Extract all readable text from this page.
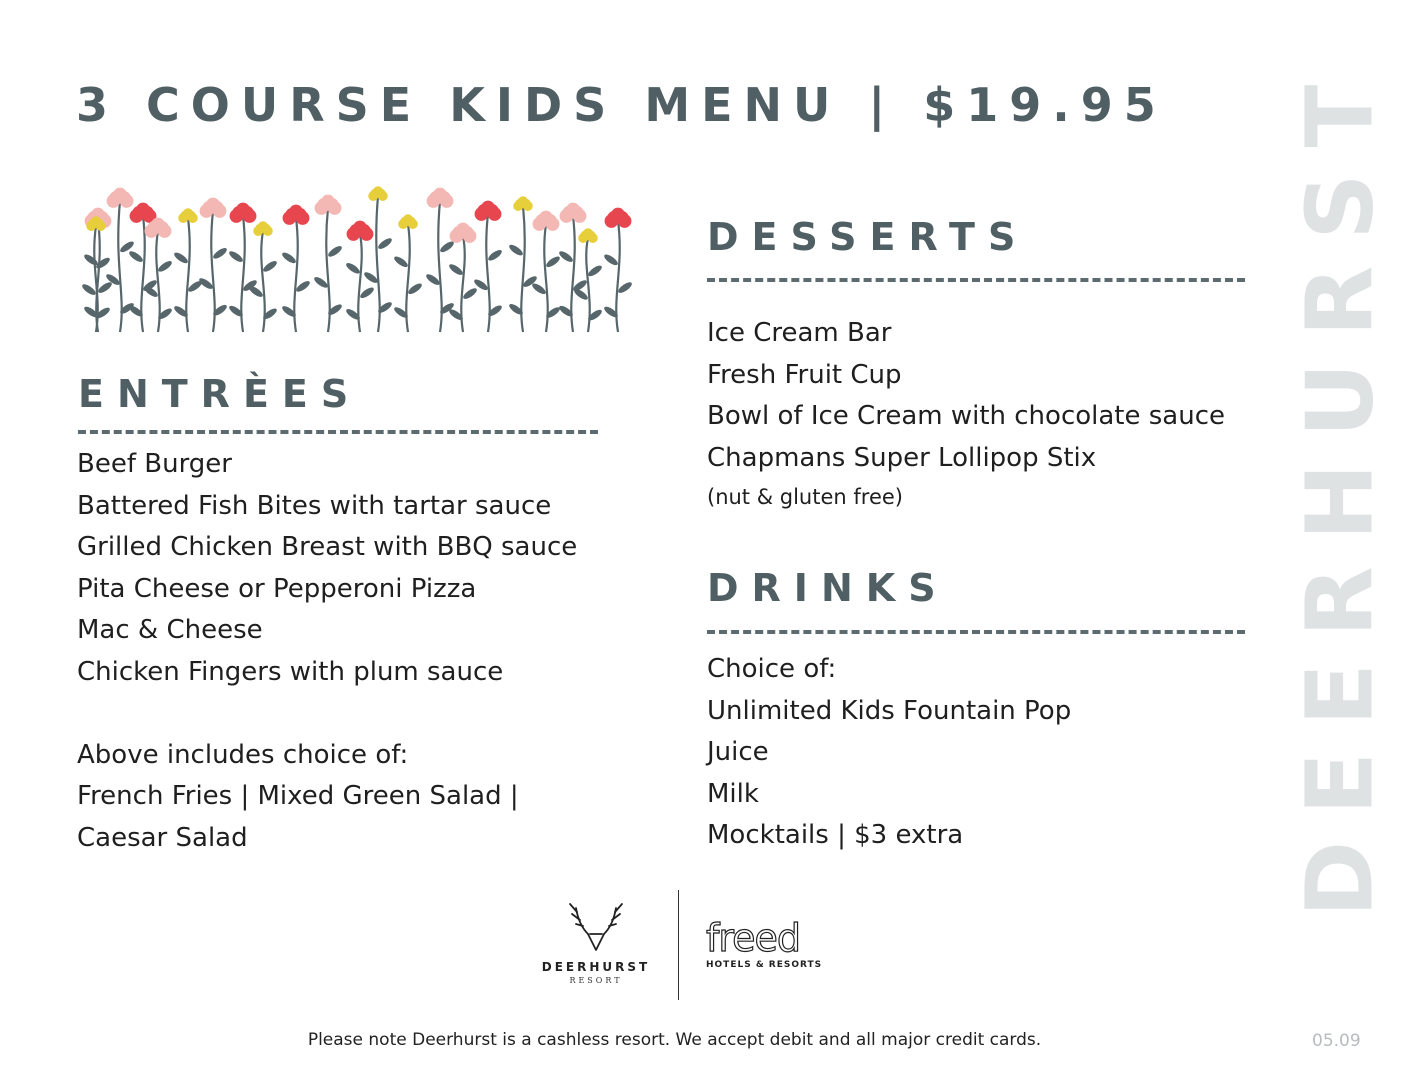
3 COURSE KIDS MENU | $19.95 DEERHURST
ENTRÈES
Beef Burger
Battered Fish Bites with tartar sauce
Grilled Chicken Breast with BBQ sauce
Pita Cheese or Pepperoni Pizza
Mac & Cheese
Chicken Fingers with plum sauce
Above includes choice of:
French Fries | Mixed Green Salad |
Caesar Salad
DESSERTS
Ice Cream Bar
Fresh Fruit Cup
Bowl of Ice Cream with chocolate sauce
Chapmans Super Lollipop Stix
(nut & gluten free)
DRINKS
Choice of:
Unlimited Kids Fountain Pop
Juice
Milk
Mocktails | $3 extra
DEERHURST
RESORT
freed
HOTELS & RESORTS
Please note Deerhurst is a cashless resort. We accept debit and all major credit cards.	05.09
